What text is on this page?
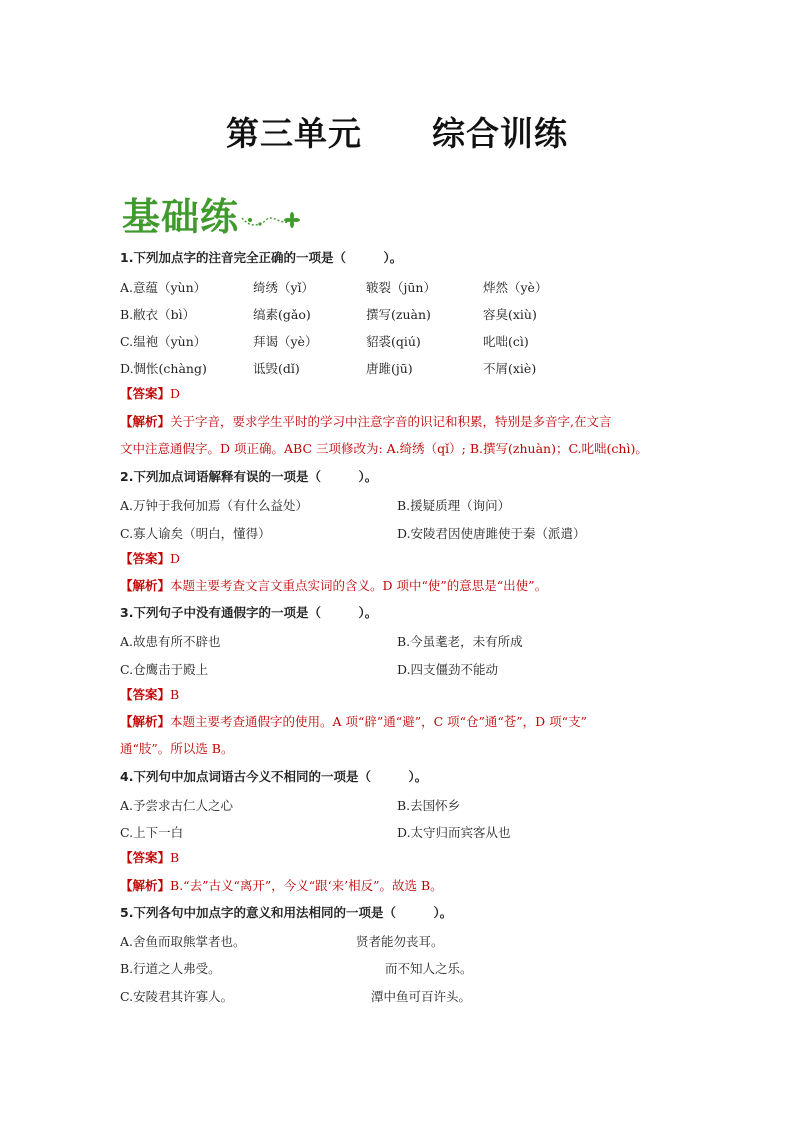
第三单元 综合训练
基础练
1.下列加点字的注音完全正确的一项是（　　　）。
A.意蕴（yùn）	绮绣（yǐ）	皲裂（jūn）	烨然（yè）
B.敝衣（bì）	缟素(gǎo)	撰写(zuàn)	容臭(xiù)
C.缊袍（yùn）	拜谒（yè）	貂裘(qiú)	叱咄(cì)
D.惆怅(chàng)	诋毁(dǐ)	唐雎(jū)	不屑(xiè)
【答案】D
【解析】关于字音，要求学生平时的学习中注意字音的识记和积累，特别是多音字,在文言
文中注意通假字。D 项正确。ABC 三项修改为: A.绮绣（qǐ）; B.撰写(zhuàn)；C.叱咄(chì)。
2.下列加点词语解释有误的一项是（　　　）。
A.万钟于我何加焉（有什么益处）	B.援疑质理（询问）
C.寡人谕矣（明白，懂得）	D.安陵君因使唐雎使于秦（派遣）
【答案】D
【解析】本题主要考查文言文重点实词的含义。D 项中“使”的意思是“出使”。
3.下列句子中没有通假字的一项是（　　　）。
A.故患有所不辟也	B.今虽耄老，未有所成
C.仓鹰击于殿上	D.四支僵劲不能动
【答案】B
【解析】本题主要考查通假字的使用。A 项“辟”通“避”，C 项“仓”通“苍”，D 项“支”
通“肢”。所以选 B。
4.下列句中加点词语古今义不相同的一项是（　　　）。
A.予尝求古仁人之心	B.去国怀乡
C.上下一白	D.太守归而宾客从也
【答案】B
【解析】B.“去”古义“离开”，今义“跟‘来’相反”。故选 B。
5.下列各句中加点字的意义和用法相同的一项是（　　　）。
A.舍鱼而取熊掌者也。	贤者能勿丧耳。
B.行道之人弗受。	而不知人之乐。
C.安陵君其许寡人。	潭中鱼可百许头。
